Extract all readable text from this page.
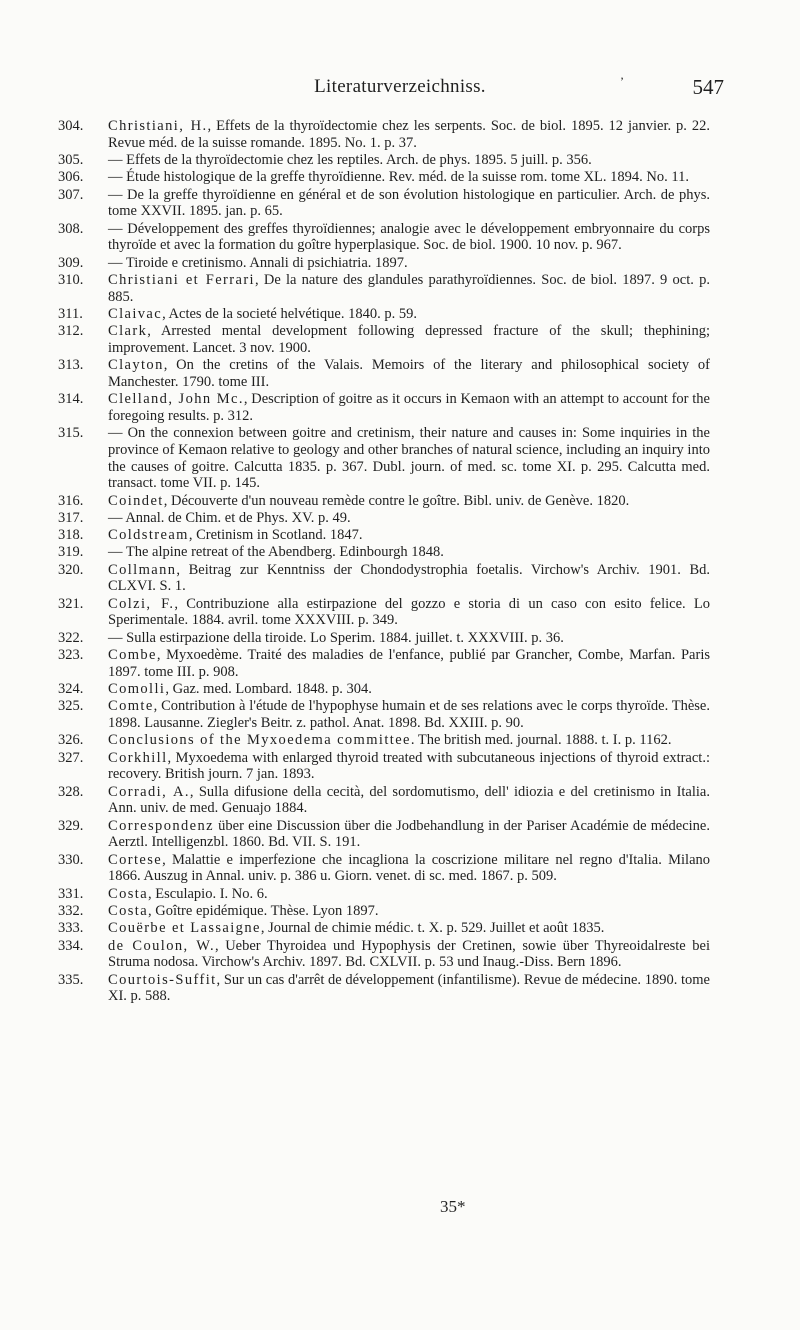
Literaturverzeichniss.	’	547
304. Christiani, H., Effets de la thyroïdectomie chez les serpents. Soc. de biol. 1895. 12 janvier. p. 22. Revue méd. de la suisse romande. 1895. No. 1. p. 37.
305. — Effets de la thyroïdectomie chez les reptiles. Arch. de phys. 1895. 5 juill. p. 356.
306. — Étude histologique de la greffe thyroïdienne. Rev. méd. de la suisse rom. tome XL. 1894. No. 11.
307. — De la greffe thyroïdienne en général et de son évolution histologique en particulier. Arch. de phys. tome XXVII. 1895. jan. p. 65.
308. — Développement des greffes thyroïdiennes; analogie avec le développement embryonnaire du corps thyroïde et avec la formation du goître hyperplasique. Soc. de biol. 1900. 10 nov. p. 967.
309. — Tiroide e cretinismo. Annali di psichiatria. 1897.
310. Christiani et Ferrari, De la nature des glandules parathyroïdiennes. Soc. de biol. 1897. 9 oct. p. 885.
311. Claivac, Actes de la societé helvétique. 1840. p. 59.
312. Clark, Arrested mental development following depressed fracture of the skull; thephining; improvement. Lancet. 3 nov. 1900.
313. Clayton, On the cretins of the Valais. Memoirs of the literary and philosophical society of Manchester. 1790. tome III.
314. Clelland, John Mc., Description of goitre as it occurs in Kemaon with an attempt to account for the foregoing results. p. 312.
315. — On the connexion between goitre and cretinism, their nature and causes in: Some inquiries in the province of Kemaon relative to geology and other branches of natural science, including an inquiry into the causes of goitre. Calcutta 1835. p. 367. Dubl. journ. of med. sc. tome XI. p. 295. Calcutta med. transact. tome VII. p. 145.
316. Coindet, Découverte d'un nouveau remède contre le goître. Bibl. univ. de Genève. 1820.
317. — Annal. de Chim. et de Phys. XV. p. 49.
318. Coldstream, Cretinism in Scotland. 1847.
319. — The alpine retreat of the Abendberg. Edinbourgh 1848.
320. Collmann, Beitrag zur Kenntniss der Chondodystrophia foetalis. Virchow's Archiv. 1901. Bd. CLXVI. S. 1.
321. Colzi, F., Contribuzione alla estirpazione del gozzo e storia di un caso con esito felice. Lo Sperimentale. 1884. avril. tome XXXVIII. p. 349.
322. — Sulla estirpazione della tiroide. Lo Sperim. 1884. juillet. t. XXXVIII. p. 36.
323. Combe, Myxoedème. Traité des maladies de l'enfance, publié par Grancher, Combe, Marfan. Paris 1897. tome III. p. 908.
324. Comolli, Gaz. med. Lombard. 1848. p. 304.
325. Comte, Contribution à l'étude de l'hypophyse humain et de ses relations avec le corps thyroïde. Thèse. 1898. Lausanne. Ziegler's Beitr. z. pathol. Anat. 1898. Bd. XXIII. p. 90.
326. Conclusions of the Myxoedema committee. The british med. journal. 1888. t. I. p. 1162.
327. Corkhill, Myxoedema with enlarged thyroid treated with subcutaneous injections of thyroid extract.: recovery. British journ. 7 jan. 1893.
328. Corradi, A., Sulla difusione della cecità, del sordomutismo, dell' idiozia e del cretinismo in Italia. Ann. univ. de med. Genuajo 1884.
329. Correspondenz über eine Discussion über die Jodbehandlung in der Pariser Académie de médecine. Aerztl. Intelligenzbl. 1860. Bd. VII. S. 191.
330. Cortese, Malattie e imperfezione che incagliona la coscrizione militare nel regno d'Italia. Milano 1866. Auszug in Annal. univ. p. 386 u. Giorn. venet. di sc. med. 1867. p. 509.
331. Costa, Esculapio. I. No. 6.
332. Costa, Goître epidémique. Thèse. Lyon 1897.
333. Couërbe et Lassaigne, Journal de chimie médic. t. X. p. 529. Juillet et août 1835.
334. de Coulon, W., Ueber Thyroidea und Hypophysis der Cretinen, sowie über Thyreoidalreste bei Struma nodosa. Virchow's Archiv. 1897. Bd. CXLVII. p. 53 und Inaug.-Diss. Bern 1896.
335. Courtois-Suffit, Sur un cas d'arrêt de développement (infantilisme). Revue de médecine. 1890. tome XI. p. 588.
35*
